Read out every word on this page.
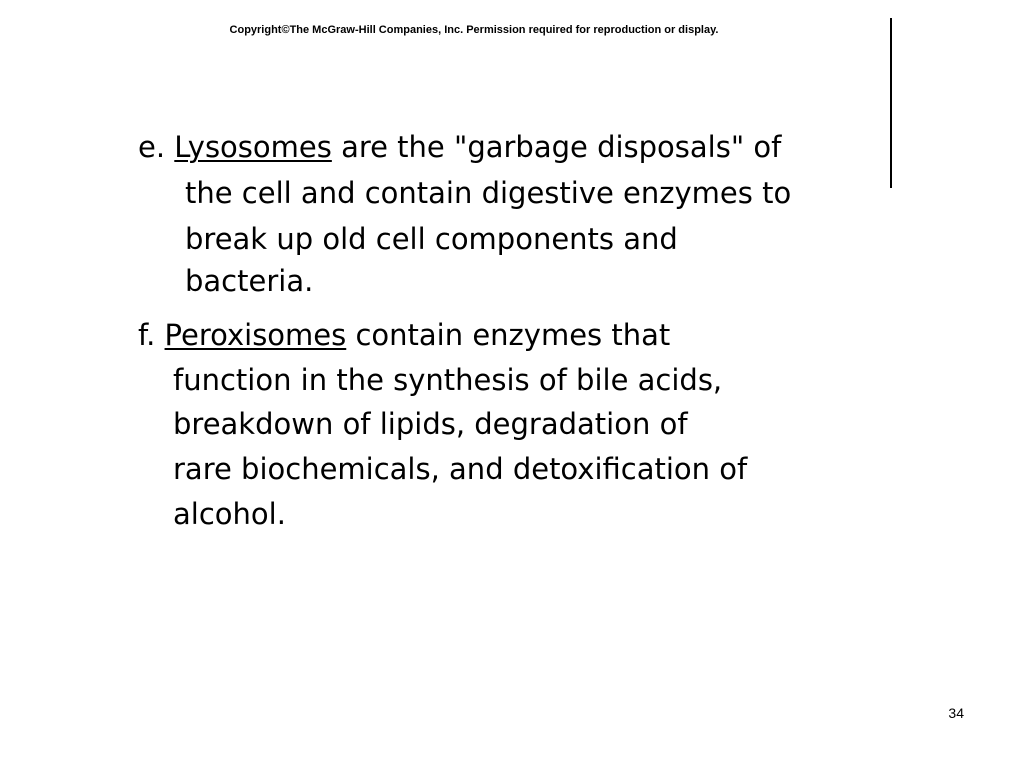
Copyright©The McGraw-Hill Companies, Inc. Permission required for reproduction or display.
e. Lysosomes are the "garbage disposals" of
the cell and contain digestive enzymes to
break up old cell components and
bacteria.
f. Peroxisomes contain enzymes that
function in the synthesis of bile acids,
breakdown of lipids, degradation of
rare biochemicals, and detoxification of
alcohol.
34
